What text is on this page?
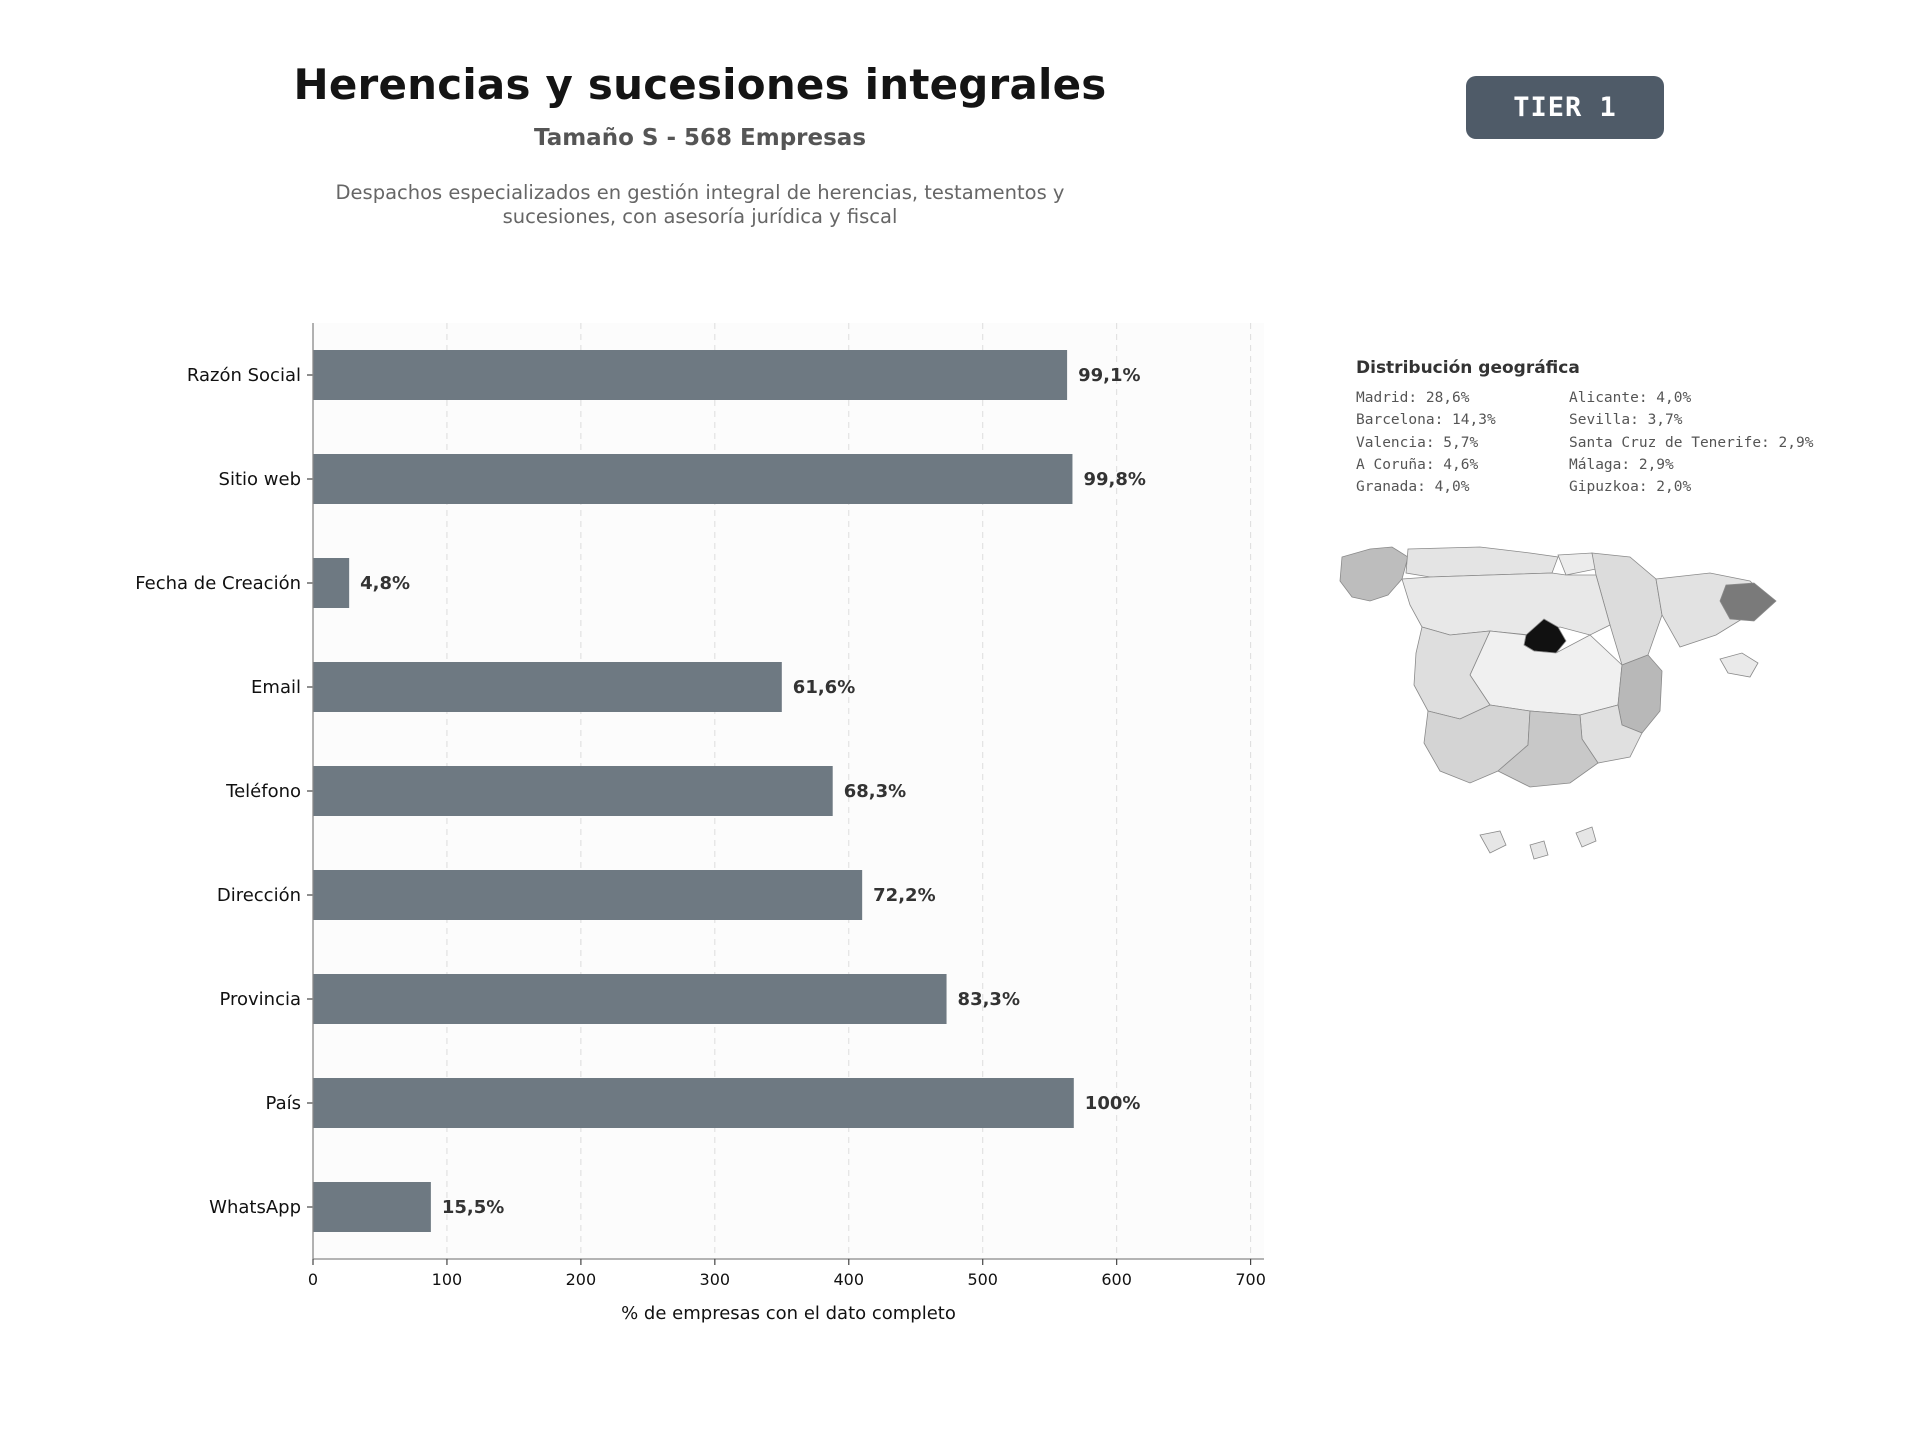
Herencias y sucesiones integrales
Tamaño S - 568 Empresas
Despachos especializados en gestión integral de herencias, testamentos y sucesiones, con asesoría jurídica y fiscal
TIER 1
Razón Social	99,1%
Sitio web	99,8%
Fecha de Creación	4,8%
Email	61,6%
Teléfono	68,3%
Dirección	72,2%
Provincia	83,3%
País	100%
WhatsApp	15,5%
0	100	200	300	400	500	600	700
% de empresas con el dato completo
Distribución geográfica
Madrid: 28,6%	Alicante: 4,0%
Barcelona: 14,3%	Sevilla: 3,7%
Valencia: 5,7%	Santa Cruz de Tenerife: 2,9%
A Coruña: 4,6%	Málaga: 2,9%
Granada: 4,0%	Gipuzkoa: 2,0%
